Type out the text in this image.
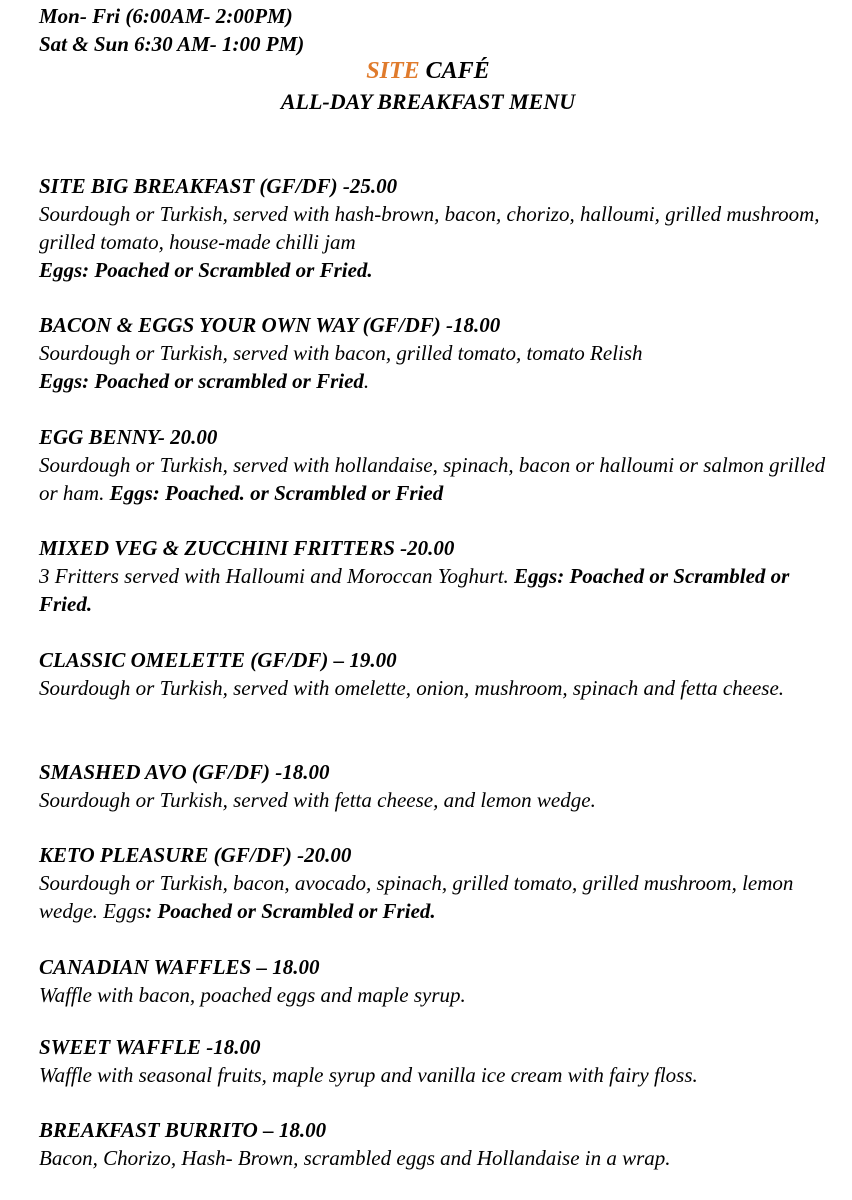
Mon- Fri (6:00AM- 2:00PM)
Sat & Sun 6:30 AM- 1:00 PM)
SITE CAFÉ
ALL-DAY BREAKFAST MENU
SITE BIG BREAKFAST (GF/DF) -25.00
Sourdough or Turkish, served with hash-brown, bacon, chorizo, halloumi, grilled mushroom, grilled tomato, house-made chilli jam
Eggs: Poached or Scrambled or Fried.
BACON & EGGS YOUR OWN WAY (GF/DF) -18.00
Sourdough or Turkish, served with bacon, grilled tomato, tomato Relish
Eggs: Poached or scrambled or Fried.
EGG BENNY- 20.00
Sourdough or Turkish, served with hollandaise, spinach, bacon or halloumi or salmon grilled or ham. Eggs: Poached. or Scrambled or Fried
MIXED VEG & ZUCCHINI FRITTERS -20.00
3 Fritters served with Halloumi and Moroccan Yoghurt. Eggs: Poached or Scrambled or Fried.
CLASSIC OMELETTE (GF/DF) – 19.00
Sourdough or Turkish, served with omelette, onion, mushroom, spinach and fetta cheese.
SMASHED AVO (GF/DF) -18.00
Sourdough or Turkish, served with fetta cheese, and lemon wedge.
KETO PLEASURE (GF/DF) -20.00
Sourdough or Turkish, bacon, avocado, spinach, grilled tomato, grilled mushroom, lemon wedge. Eggs: Poached or Scrambled or Fried.
CANADIAN WAFFLES – 18.00
Waffle with bacon, poached eggs and maple syrup.
SWEET WAFFLE -18.00
Waffle with seasonal fruits, maple syrup and vanilla ice cream with fairy floss.
BREAKFAST BURRITO – 18.00
Bacon, Chorizo, Hash- Brown, scrambled eggs and Hollandaise in a wrap.
